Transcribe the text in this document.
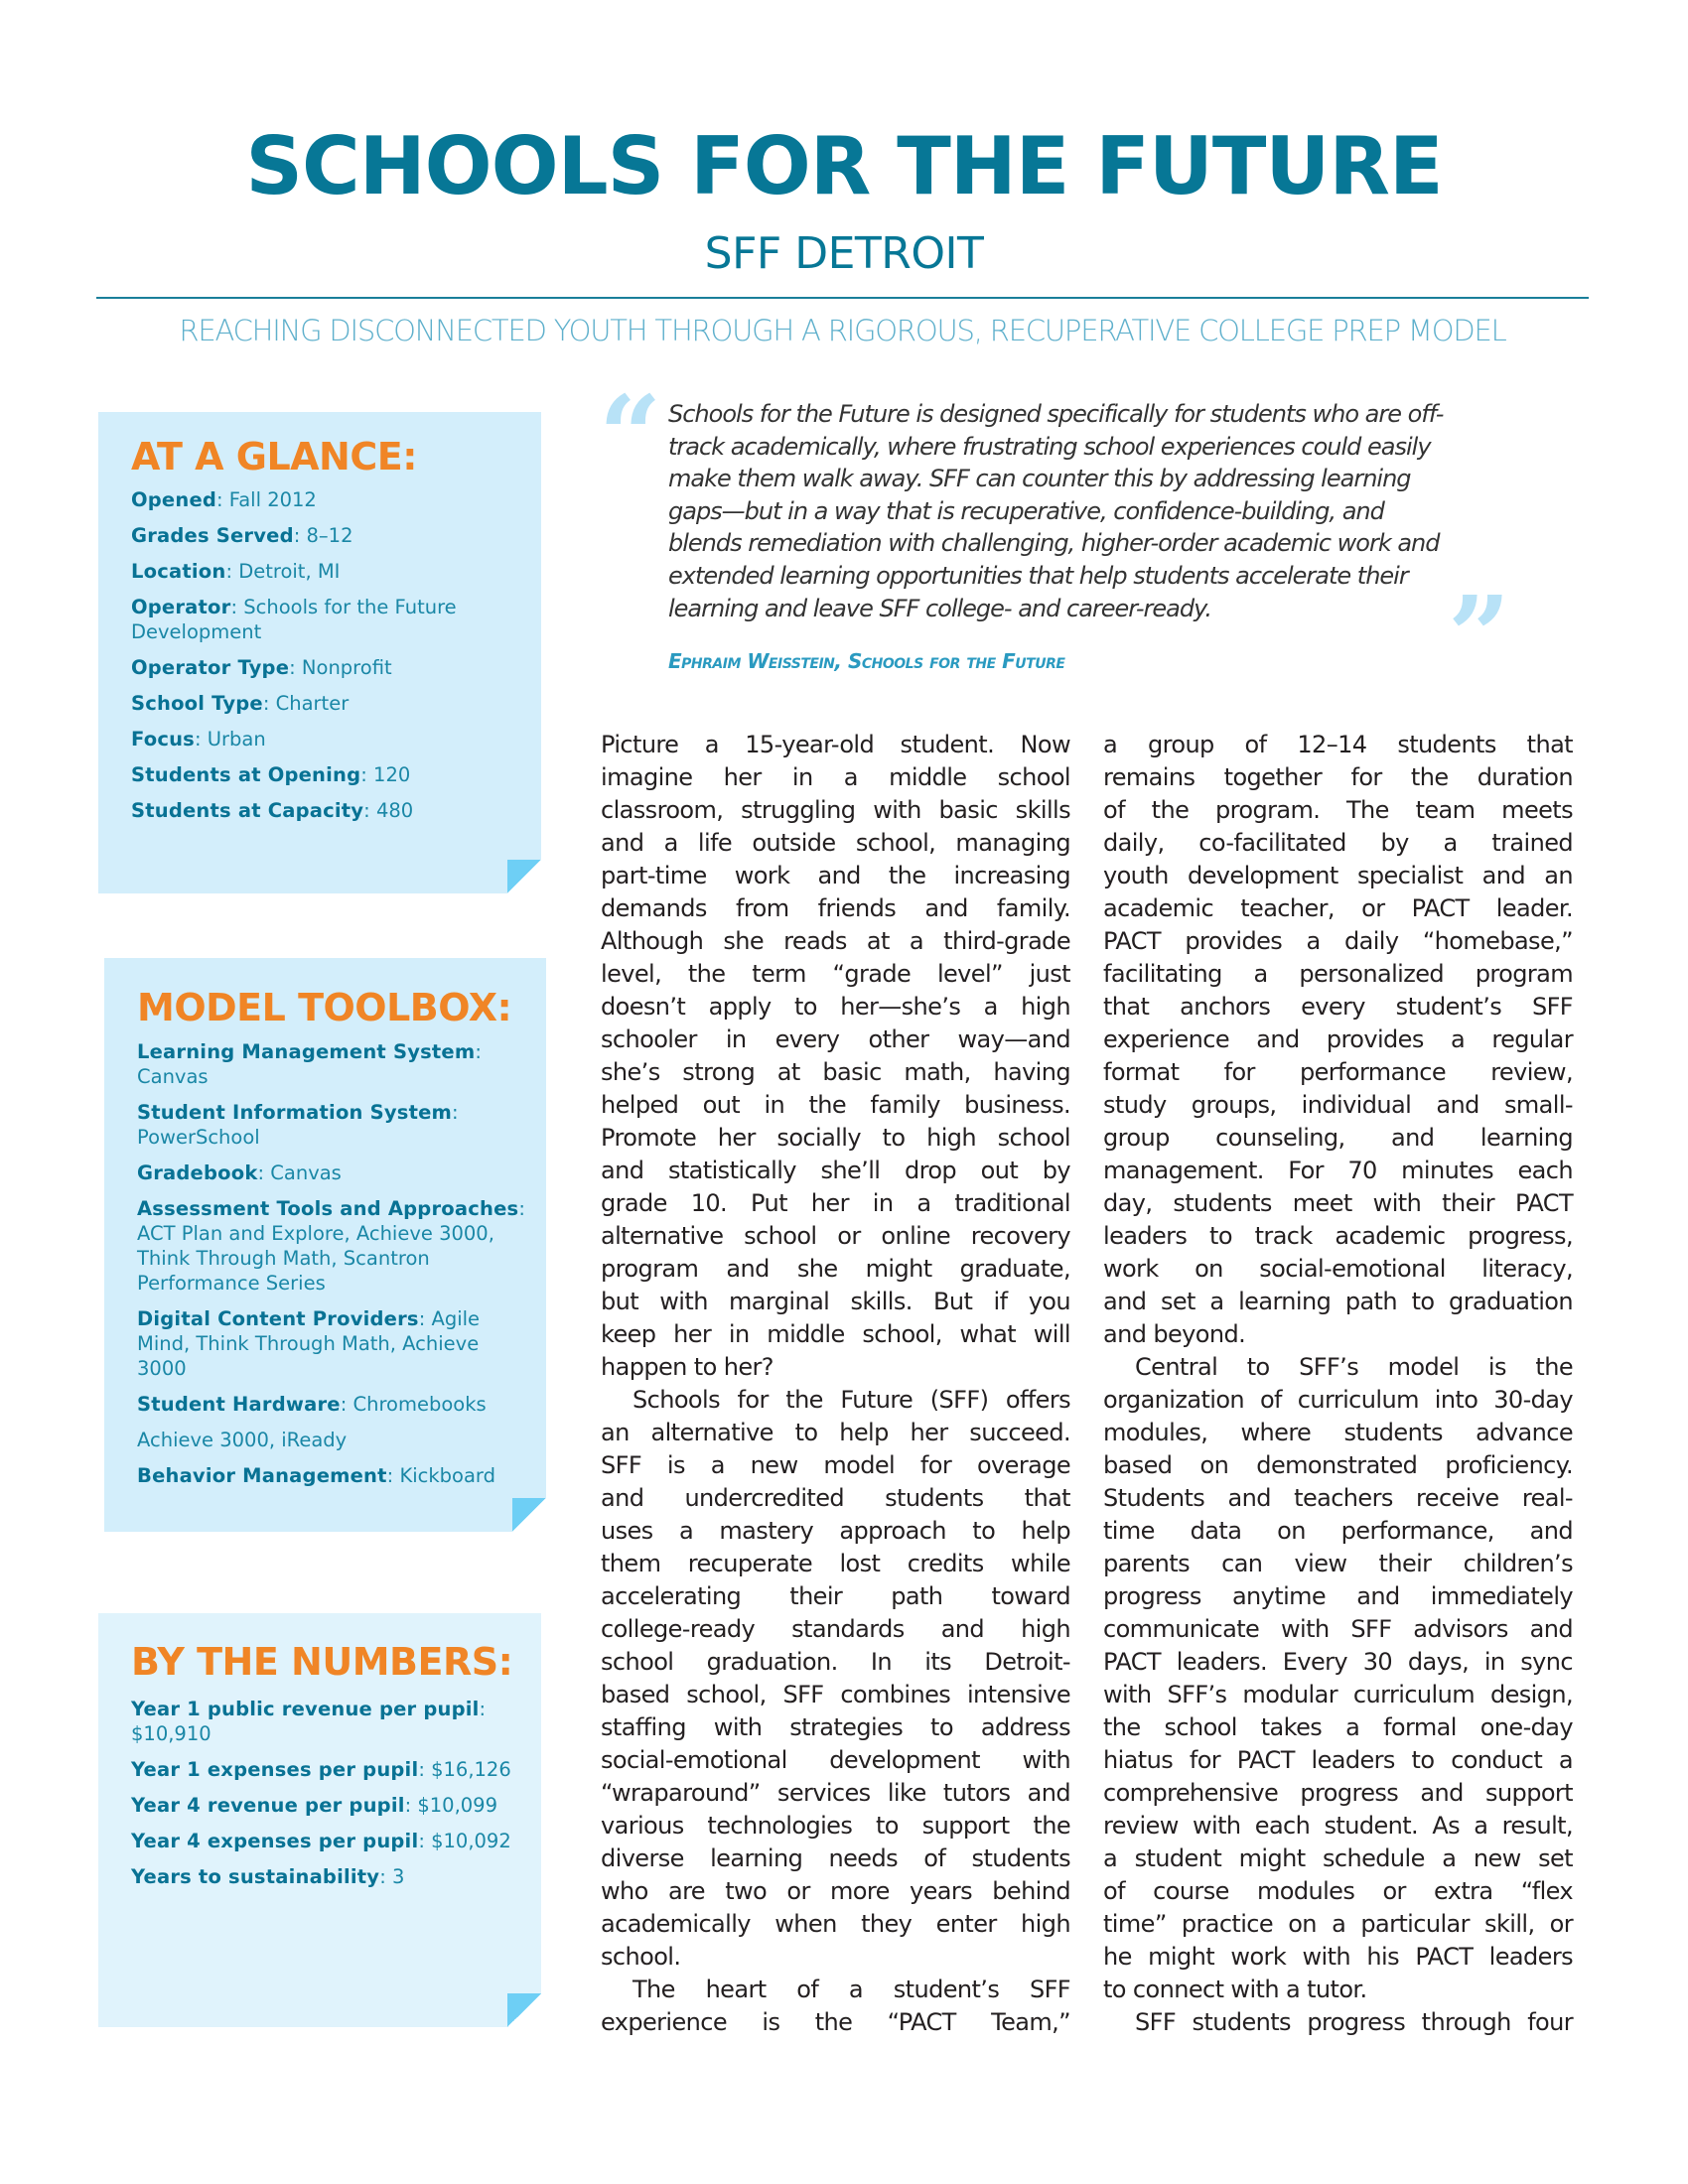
SCHOOLS FOR THE FUTURE
SFF DETROIT
REACHING DISCONNECTED YOUTH THROUGH A RIGOROUS, RECUPERATIVE COLLEGE PREP MODEL
AT A GLANCE:
Opened: Fall 2012
Grades Served: 8–12
Location: Detroit, MI
Operator: Schools for the Future Development
Operator Type: Nonprofit
School Type: Charter
Focus: Urban
Students at Opening: 120
Students at Capacity: 480
MODEL TOOLBOX:
Learning Management System: Canvas
Student Information System: PowerSchool
Gradebook: Canvas
Assessment Tools and Approaches: ACT Plan and Explore, Achieve 3000, Think Through Math, Scantron Performance Series
Digital Content Providers: Agile Mind, Think Through Math, Achieve 3000
Student Hardware: Chromebooks
Achieve 3000, iReady
Behavior Management: Kickboard
BY THE NUMBERS:
Year 1 public revenue per pupil: $10,910
Year 1 expenses per pupil: $16,126
Year 4 revenue per pupil: $10,099
Year 4 expenses per pupil: $10,092
Years to sustainability: 3
“ Schools for the Future is designed specifically for students who are off-
track academically, where frustrating school experiences could easily
make them walk away. SFF can counter this by addressing learning
gaps—but in a way that is recuperative, confidence-building, and
blends remediation with challenging, higher-order academic work and
extended learning opportunities that help students accelerate their
learning and leave SFF college- and career-ready.	”
Ephraim Weisstein, Schools for the Future
Picture a 15-year-old student. Now
imagine her in a middle school
classroom, struggling with basic skills
and a life outside school, managing
part-time work and the increasing
demands from friends and family.
Although she reads at a third-grade
level, the term “grade level” just
doesn’t apply to her—she’s a high
schooler in every other way—and
she’s strong at basic math, having
helped out in the family business.
Promote her socially to high school
and statistically she’ll drop out by
grade 10. Put her in a traditional
alternative school or online recovery
program and she might graduate,
but with marginal skills. But if you
keep her in middle school, what will
happen to her?
Schools for the Future (SFF) offers
an alternative to help her succeed.
SFF is a new model for overage
and undercredited students that
uses a mastery approach to help
them recuperate lost credits while
accelerating their path toward
college-ready standards and high
school graduation. In its Detroit-
based school, SFF combines intensive
staffing with strategies to address
social-emotional development with
“wraparound” services like tutors and
various technologies to support the
diverse learning needs of students
who are two or more years behind
academically when they enter high
school.
The heart of a student’s SFF
experience is the “PACT Team,”
a group of 12–14 students that
remains together for the duration
of the program. The team meets
daily, co-facilitated by a trained
youth development specialist and an
academic teacher, or PACT leader.
PACT provides a daily “homebase,”
facilitating a personalized program
that anchors every student’s SFF
experience and provides a regular
format for performance review,
study groups, individual and small-
group counseling, and learning
management. For 70 minutes each
day, students meet with their PACT
leaders to track academic progress,
work on social-emotional literacy,
and set a learning path to graduation
and beyond.
Central to SFF’s model is the
organization of curriculum into 30-day
modules, where students advance
based on demonstrated proficiency.
Students and teachers receive real-
time data on performance, and
parents can view their children’s
progress anytime and immediately
communicate with SFF advisors and
PACT leaders. Every 30 days, in sync
with SFF’s modular curriculum design,
the school takes a formal one-day
hiatus for PACT leaders to conduct a
comprehensive progress and support
review with each student. As a result,
a student might schedule a new set
of course modules or extra “flex
time” practice on a particular skill, or
he might work with his PACT leaders
to connect with a tutor.
SFF students progress through four
